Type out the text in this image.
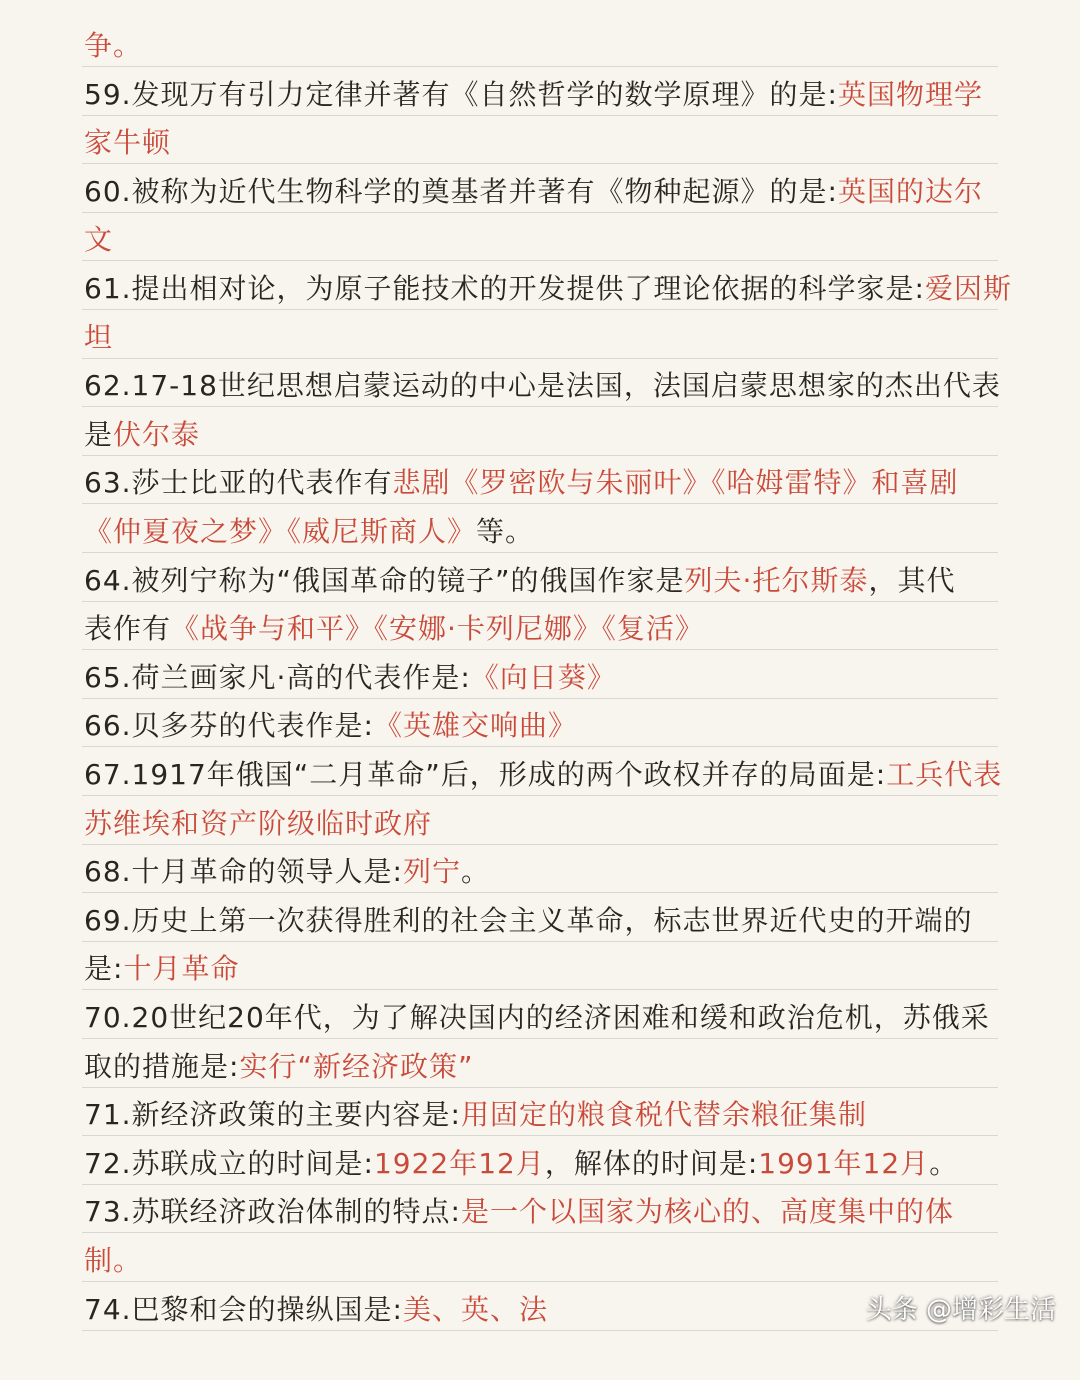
争。
59.发现万有引力定律并著有《自然哲学的数学原理》的是:英国物理学
家牛顿
60.被称为近代生物科学的奠基者并著有《物种起源》的是:英国的达尔
文
61.提出相对论，为原子能技术的开发提供了理论依据的科学家是:爱因斯
坦
62.17-18世纪思想启蒙运动的中心是法国，法国启蒙思想家的杰出代表
是伏尔泰
63.莎士比亚的代表作有悲剧《罗密欧与朱丽叶》《哈姆雷特》和喜剧
《仲夏夜之梦》《威尼斯商人》等。
64.被列宁称为“俄国革命的镜子”的俄国作家是列夫·托尔斯泰，其代
表作有《战争与和平》《安娜·卡列尼娜》《复活》
65.荷兰画家凡·高的代表作是:《向日葵》
66.贝多芬的代表作是:《英雄交响曲》
67.1917年俄国“二月革命”后，形成的两个政权并存的局面是:工兵代表
苏维埃和资产阶级临时政府
68.十月革命的领导人是:列宁。
69.历史上第一次获得胜利的社会主义革命，标志世界近代史的开端的
是:十月革命
70.20世纪20年代，为了解决国内的经济困难和缓和政治危机，苏俄采
取的措施是:实行“新经济政策”
71.新经济政策的主要内容是:用固定的粮食税代替余粮征集制
72.苏联成立的时间是:1922年12月，解体的时间是:1991年12月。
73.苏联经济政治体制的特点:是一个以国家为核心的、高度集中的体
制。
74.巴黎和会的操纵国是:美、英、法	头条 @增彩生活
